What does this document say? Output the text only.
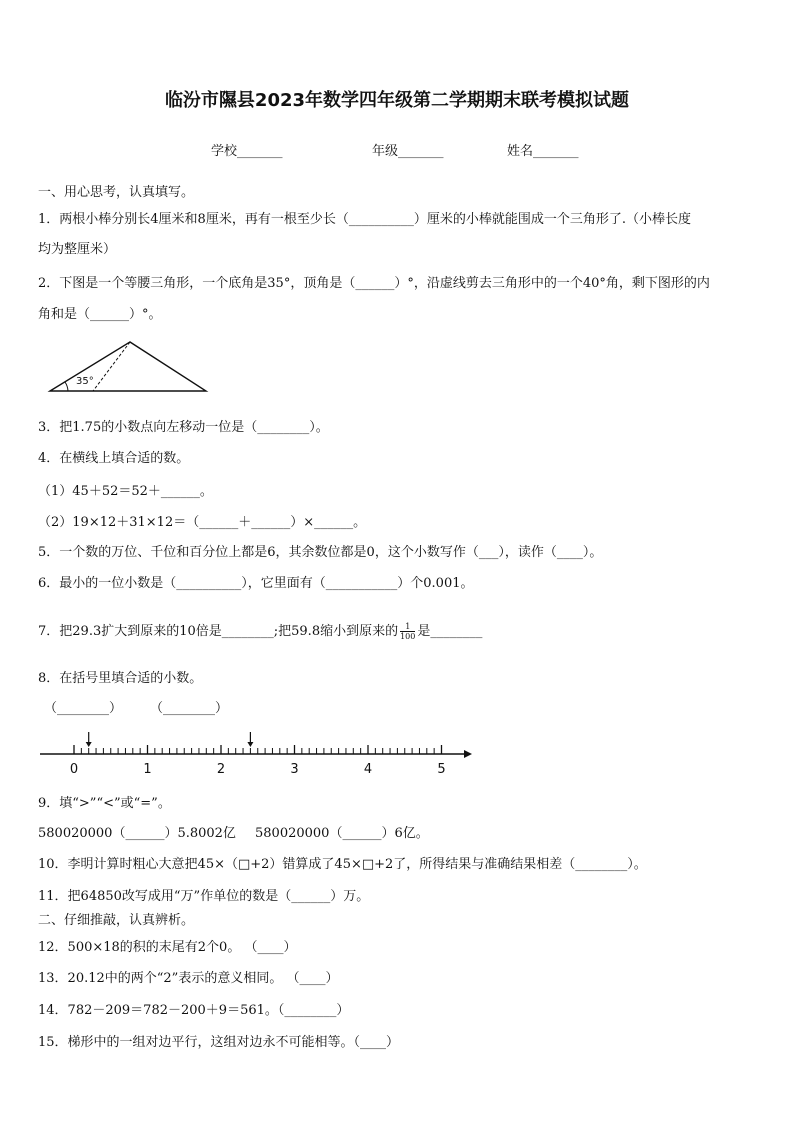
临汾市隰县2023年数学四年级第二学期期末联考模拟试题
学校_______	年级_______	姓名_______
一、用心思考，认真填写。
1．两根小棒分别长4厘米和8厘米，再有一根至少长（__________）厘米的小棒就能围成一个三角形了.（小棒长度
均为整厘米）
2．下图是一个等腰三角形，一个底角是35°，顶角是（______）°，沿虚线剪去三角形中的一个40°角，剩下图形的内
角和是（______）°。
35°
3．把1.75的小数点向左移动一位是（________）。
4．在横线上填合适的数。
（1）45＋52＝52＋______。
（2）19×12＋31×12＝（______＋______）×______。
5．一个数的万位、千位和百分位上都是6，其余数位都是0，这个小数写作（___），读作（____）。
6．最小的一位小数是（__________），它里面有（___________）个0.001。
7．把29.3扩大到原来的10倍是________;把59.8缩小到原来的 $\frac{1}{100}$ 是________
8．在括号里填合适的小数。
（________） （________）
0	1	2	3	4	5
9．填“>”“<”或“=”。
580020000（______）5.8002亿 580020000（______）6亿。
10．李明计算时粗心大意把45×（□+2）错算成了45×□+2了，所得结果与准确结果相差（________）。
11．把64850改写成用“万”作单位的数是（______）万。
二、仔细推敲，认真辨析。
12．500×18的积的末尾有2个0。 （____）
13．20.12中的两个“2”表示的意义相同。 （____）
14．782－209＝782－200＋9＝561。（________）
15．梯形中的一组对边平行，这组对边永不可能相等。（____）
